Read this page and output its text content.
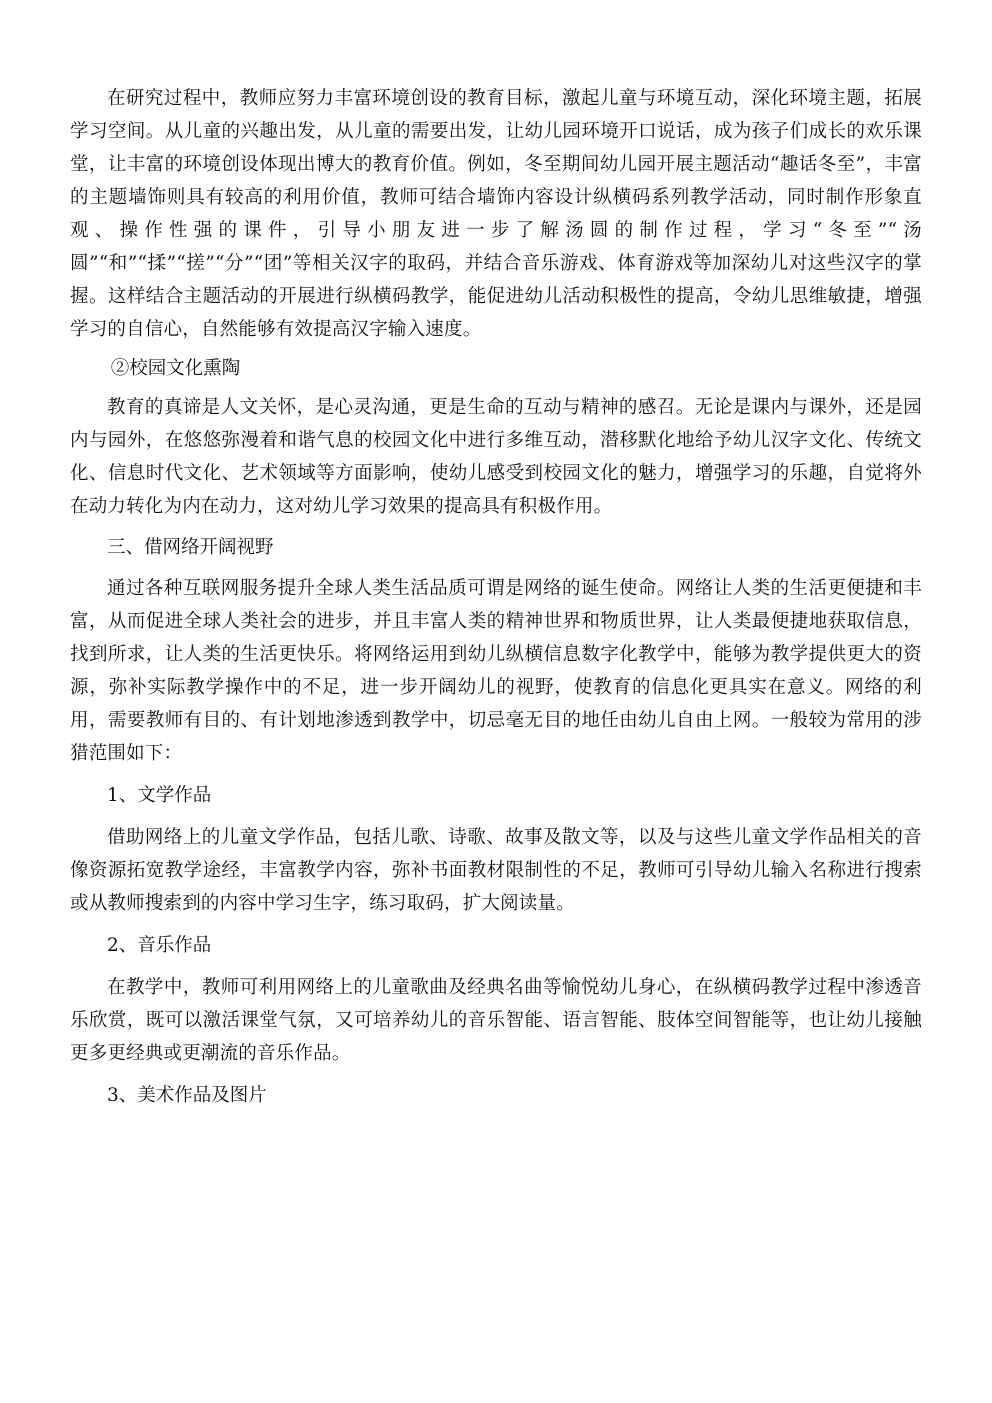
在研究过程中，教师应努力丰富环境创设的教育目标，激起儿童与环境互动，深化环境主题，拓展学习空间。从儿童的兴趣出发，从儿童的需要出发，让幼儿园环境开口说话，成为孩子们成长的欢乐课堂，让丰富的环境创设体现出博大的教育价值。例如，冬至期间幼儿园开展主题活动“趣话冬至”，丰富的主题墙饰则具有较高的利用价值，教师可结合墙饰内容设计纵横码系列教学活动，同时制作形象直观、操作性强的课件，引导小朋友进一步了解汤圆的制作过程，学习“冬至”“汤圆”“和”“揉”“搓”“分”“团”等相关汉字的取码，并结合音乐游戏、体育游戏等加深幼儿对这些汉字的掌握。这样结合主题活动的开展进行纵横码教学，能促进幼儿活动积极性的提高，令幼儿思维敏捷，增强学习的自信心，自然能够有效提高汉字输入速度。

②校园文化熏陶

教育的真谛是人文关怀，是心灵沟通，更是生命的互动与精神的感召。无论是课内与课外，还是园内与园外，在悠悠弥漫着和谐气息的校园文化中进行多维互动，潜移默化地给予幼儿汉字文化、传统文化、信息时代文化、艺术领域等方面影响，使幼儿感受到校园文化的魅力，增强学习的乐趣，自觉将外在动力转化为内在动力，这对幼儿学习效果的提高具有积极作用。

三、借网络开阔视野

通过各种互联网服务提升全球人类生活品质可谓是网络的诞生使命。网络让人类的生活更便捷和丰富，从而促进全球人类社会的进步，并且丰富人类的精神世界和物质世界，让人类最便捷地获取信息，找到所求，让人类的生活更快乐。将网络运用到幼儿纵横信息数字化教学中，能够为教学提供更大的资源，弥补实际教学操作中的不足，进一步开阔幼儿的视野，使教育的信息化更具实在意义。网络的利用，需要教师有目的、有计划地渗透到教学中，切忌毫无目的地任由幼儿自由上网。一般较为常用的涉猎范围如下：

1、文学作品

借助网络上的儿童文学作品，包括儿歌、诗歌、故事及散文等，以及与这些儿童文学作品相关的音像资源拓宽教学途经，丰富教学内容，弥补书面教材限制性的不足，教师可引导幼儿输入名称进行搜索或从教师搜索到的内容中学习生字，练习取码，扩大阅读量。

2、音乐作品

在教学中，教师可利用网络上的儿童歌曲及经典名曲等愉悦幼儿身心，在纵横码教学过程中渗透音乐欣赏，既可以激活课堂气氛，又可培养幼儿的音乐智能、语言智能、肢体空间智能等，也让幼儿接触更多更经典或更潮流的音乐作品。

3、美术作品及图片
